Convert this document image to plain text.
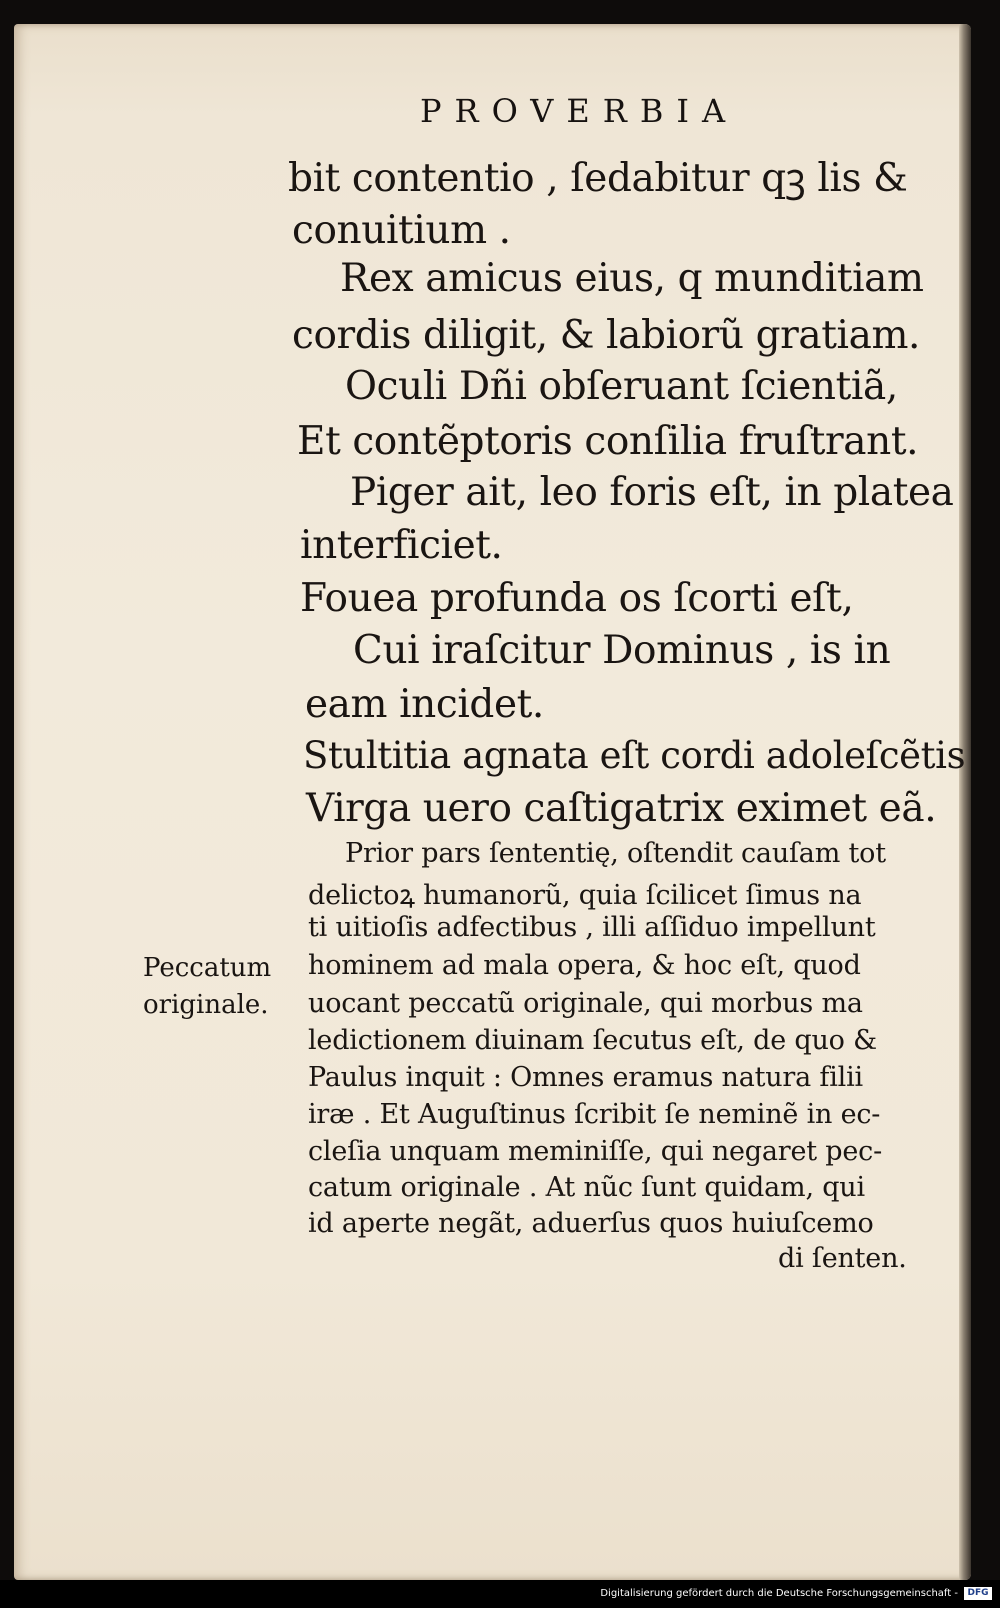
PROVERBIA
bit contentio , ſedabitur qꝫ lis &
conuitium .
Rex amicus eius, q munditiam
cordis diligit, & labiorũ gratiam.
Oculi Dñi obſeruant ſcientiã,
Et contẽptoris conſilia fruſtrant.
Piger ait, leo foris eſt, in platea
interficiet.
Fouea profunda os ſcorti eſt,
Cui iraſcitur Dominus , is in
eam incidet.
Stultitia agnata eſt cordi adoleſcẽtis
Virga uero caſtigatrix eximet eã.
Prior pars ſententię, oſtendit cauſam tot
delictoꝝ humanorũ, quia ſcilicet ſimus na
ti uitioſis adfectibus , illi aſſiduo impellunt
hominem ad mala opera, & hoc eſt, quod
uocant peccatũ originale, qui morbus ma
ledictionem diuinam ſecutus eſt, de quo &
Paulus inquit : Omnes eramus natura filii
iræ . Et Auguſtinus ſcribit ſe neminẽ in ec-
cleſia unquam meminiſſe, qui negaret pec-
catum originale . At nũc ſunt quidam, qui
id aperte negãt, aduerſus quos huiuſcemo
di ſenten.
Peccatum
originale.
Digitalisierung gefördert durch die Deutsche Forschungsgemeinschaft -	DFG
